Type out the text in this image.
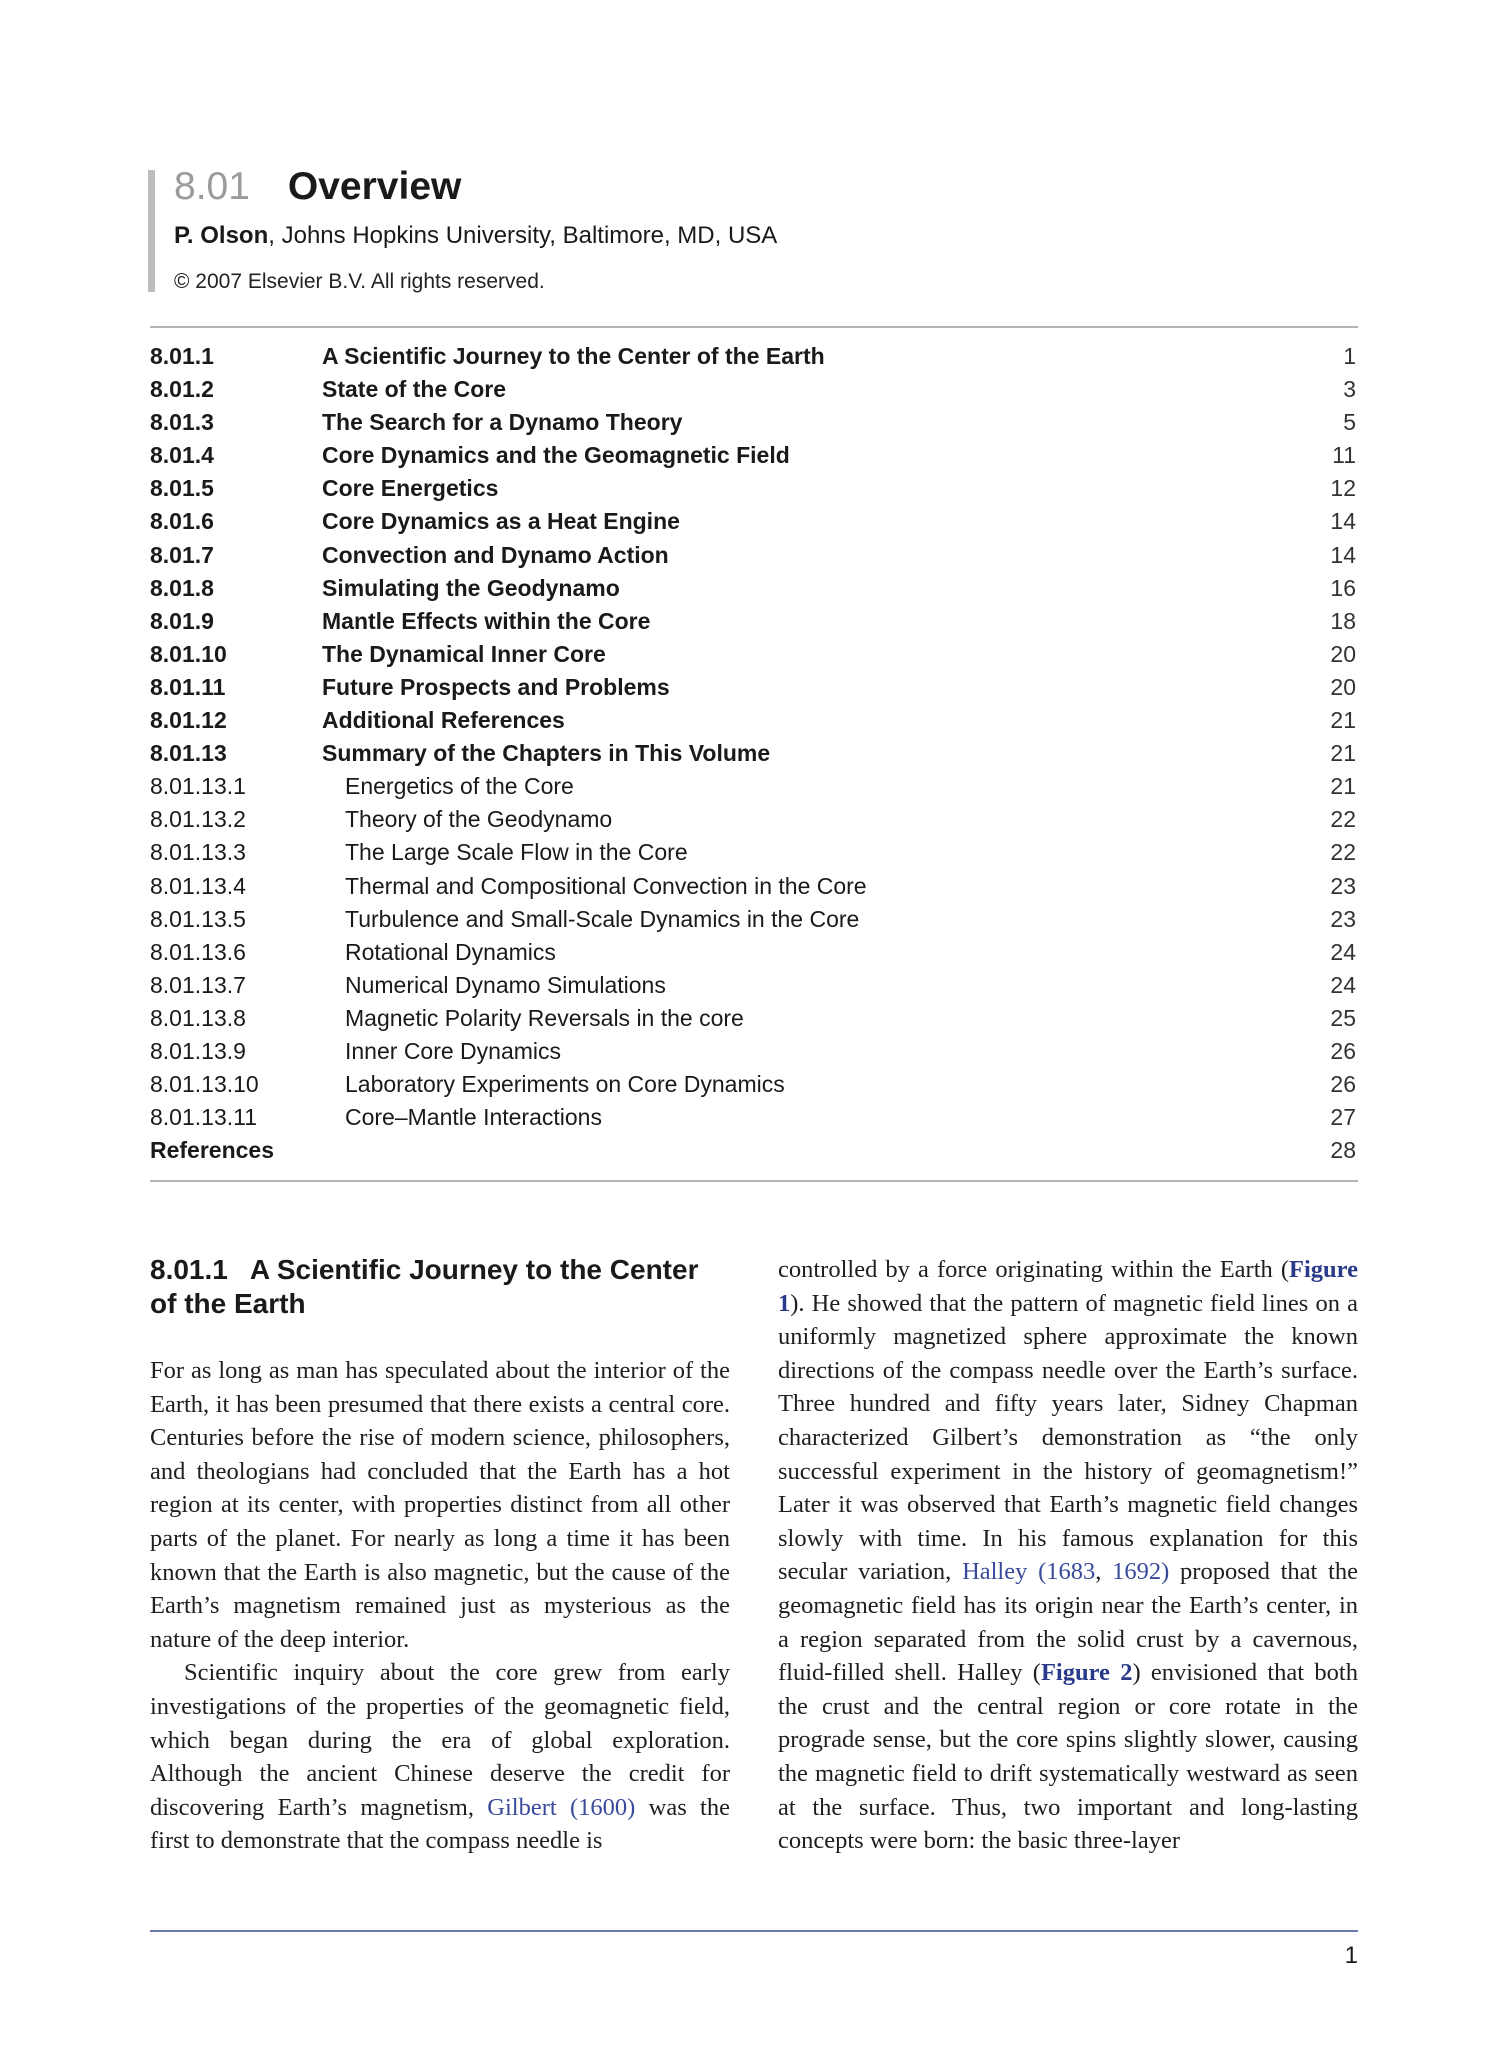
8.01 Overview
P. Olson, Johns Hopkins University, Baltimore, MD, USA
© 2007 Elsevier B.V. All rights reserved.
8.01.1	A Scientific Journey to the Center of the Earth	1
8.01.2	State of the Core	3
8.01.3	The Search for a Dynamo Theory	5
8.01.4	Core Dynamics and the Geomagnetic Field	11
8.01.5	Core Energetics	12
8.01.6	Core Dynamics as a Heat Engine	14
8.01.7	Convection and Dynamo Action	14
8.01.8	Simulating the Geodynamo	16
8.01.9	Mantle Effects within the Core	18
8.01.10	The Dynamical Inner Core	20
8.01.11	Future Prospects and Problems	20
8.01.12	Additional References	21
8.01.13	Summary of the Chapters in This Volume	21
8.01.13.1	Energetics of the Core	21
8.01.13.2	Theory of the Geodynamo	22
8.01.13.3	The Large Scale Flow in the Core	22
8.01.13.4	Thermal and Compositional Convection in the Core	23
8.01.13.5	Turbulence and Small-Scale Dynamics in the Core	23
8.01.13.6	Rotational Dynamics	24
8.01.13.7	Numerical Dynamo Simulations	24
8.01.13.8	Magnetic Polarity Reversals in the core	25
8.01.13.9	Inner Core Dynamics	26
8.01.13.10	Laboratory Experiments on Core Dynamics	26
8.01.13.11	Core–Mantle Interactions	27
References	28
8.01.1 A Scientific Journey to the Center of the Earth

For as long as man has speculated about the interior of the Earth, it has been presumed that there exists a central core. Centuries before the rise of modern science, philosophers, and theologians had concluded that the Earth has a hot region at its center, with properties distinct from all other parts of the planet. For nearly as long a time it has been known that the Earth is also magnetic, but the cause of the Earth’s magnetism remained just as mysterious as the nature of the deep interior.

Scientific inquiry about the core grew from early investigations of the properties of the geomagnetic field, which began during the era of global exploration. Although the ancient Chinese deserve the credit for discovering Earth’s magnetism, Gilbert (1600) was the first to demonstrate that the compass needle is

controlled by a force originating within the Earth (Figure 1). He showed that the pattern of magnetic field lines on a uniformly magnetized sphere approximate the known directions of the compass needle over the Earth’s surface. Three hundred and fifty years later, Sidney Chapman characterized Gilbert’s demonstration as “the only successful experiment in the history of geomagnetism!” Later it was observed that Earth’s magnetic field changes slowly with time. In his famous explanation for this secular variation, Halley (1683, 1692) proposed that the geomagnetic field has its origin near the Earth’s center, in a region separated from the solid crust by a cavernous, fluid-filled shell. Halley (Figure 2) envisioned that both the crust and the central region or core rotate in the prograde sense, but the core spins slightly slower, causing the magnetic field to drift systematically westward as seen at the surface. Thus, two important and long-lasting concepts were born: the basic three-layer

1
